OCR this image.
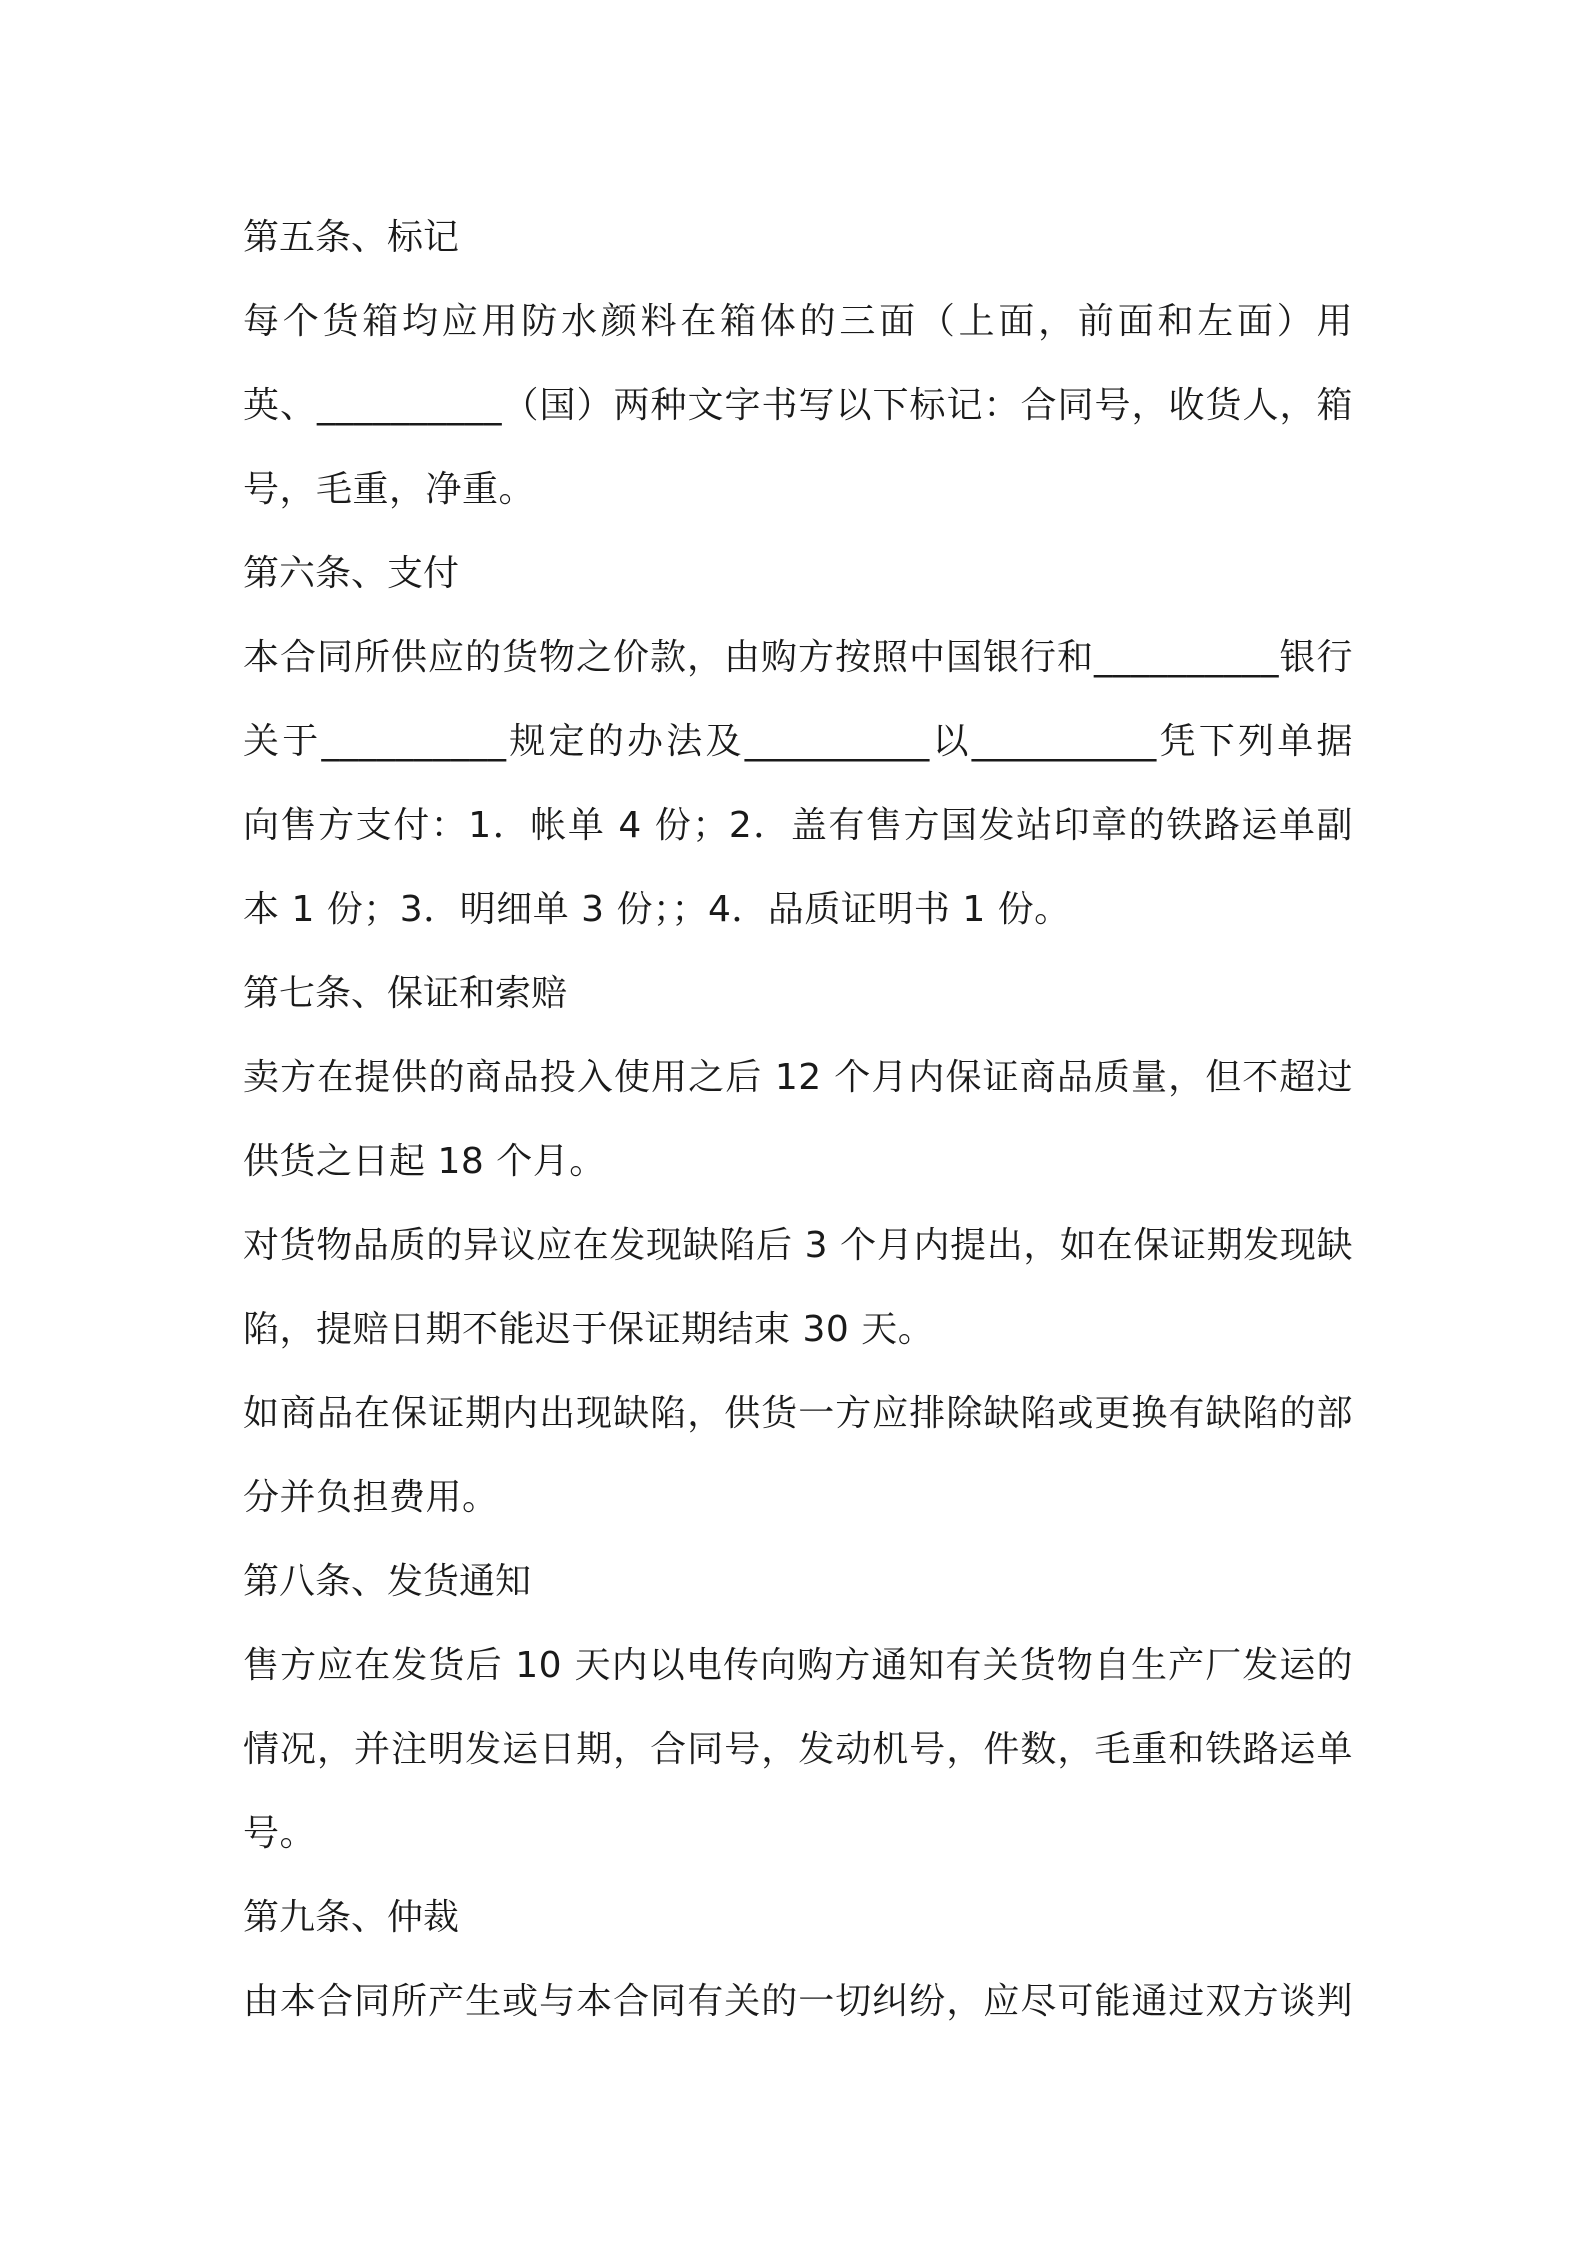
第五条、标记

每个货箱均应用防水颜料在箱体的三面（上面，前面和左面）用
英、__________（国）两种文字书写以下标记：合同号，收货人，箱
号，毛重，净重。

第六条、支付

本合同所供应的货物之价款，由购方按照中国银行和__________银行
关于__________规定的办法及__________以__________凭下列单据
向售方支付：1．帐单 4 份；2．盖有售方国发站印章的铁路运单副
本 1 份；3．明细单 3 份；；4．品质证明书 1 份。

第七条、保证和索赔

卖方在提供的商品投入使用之后 12 个月内保证商品质量，但不超过
供货之日起 18 个月。

对货物品质的异议应在发现缺陷后 3 个月内提出，如在保证期发现缺
陷，提赔日期不能迟于保证期结束 30 天。

如商品在保证期内出现缺陷，供货一方应排除缺陷或更换有缺陷的部
分并负担费用。

第八条、发货通知

售方应在发货后 10 天内以电传向购方通知有关货物自生产厂发运的
情况，并注明发运日期，合同号，发动机号，件数，毛重和铁路运单
号。

第九条、仲裁

由本合同所产生或与本合同有关的一切纠纷，应尽可能通过双方谈判
